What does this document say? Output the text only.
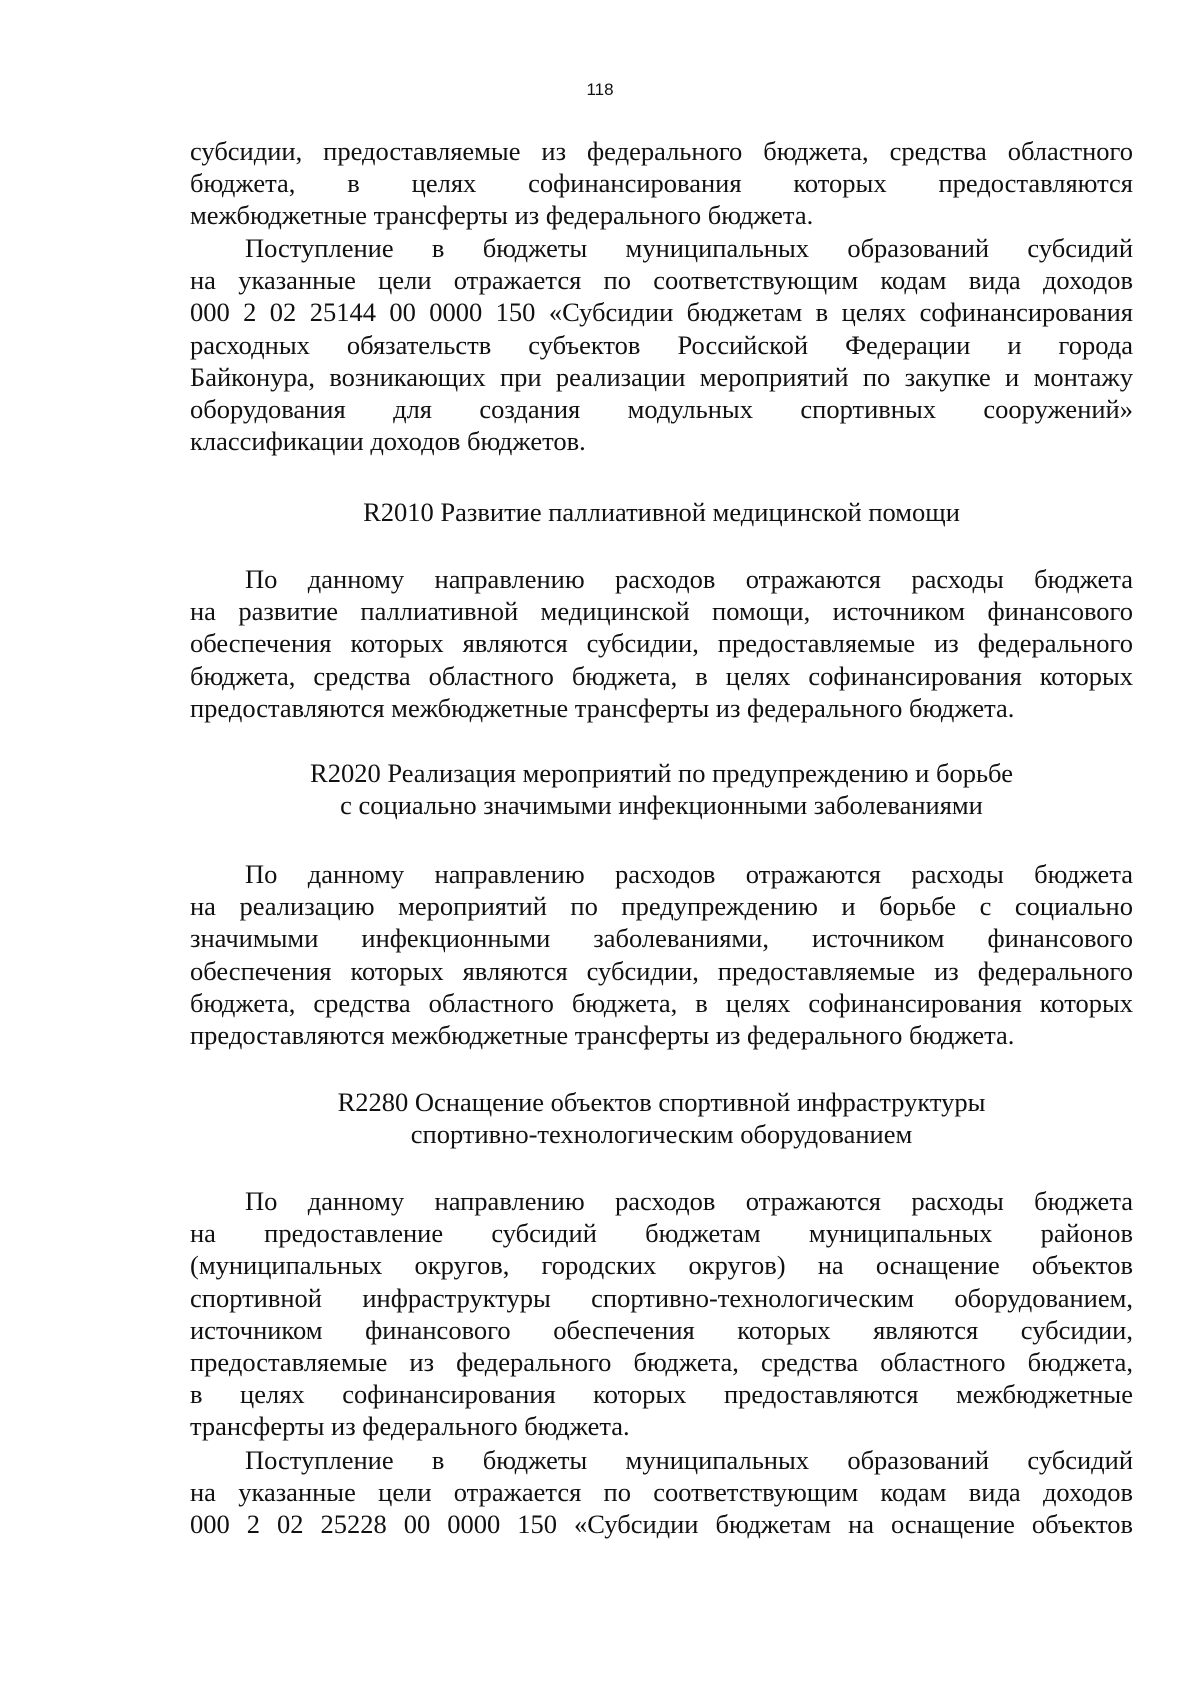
118
субсидии, предоставляемые из федерального бюджета, средства областного
бюджета, в целях софинансирования которых предоставляются
межбюджетные трансферты из федерального бюджета.
Поступление в бюджеты муниципальных образований субсидий
на указанные цели отражается по соответствующим кодам вида доходов
000 2 02 25144 00 0000 150 «Субсидии бюджетам в целях софинансирования
расходных обязательств субъектов Российской Федерации и города
Байконура, возникающих при реализации мероприятий по закупке и монтажу
оборудования для создания модульных спортивных сооружений»
классификации доходов бюджетов.
R2010 Развитие паллиативной медицинской помощи
По данному направлению расходов отражаются расходы бюджета
на развитие паллиативной медицинской помощи, источником финансового
обеспечения которых являются субсидии, предоставляемые из федерального
бюджета, средства областного бюджета, в целях софинансирования которых
предоставляются межбюджетные трансферты из федерального бюджета.
R2020 Реализация мероприятий по предупреждению и борьбе
с социально значимыми инфекционными заболеваниями
По данному направлению расходов отражаются расходы бюджета
на реализацию мероприятий по предупреждению и борьбе с социально
значимыми инфекционными заболеваниями, источником финансового
обеспечения которых являются субсидии, предоставляемые из федерального
бюджета, средства областного бюджета, в целях софинансирования которых
предоставляются межбюджетные трансферты из федерального бюджета.
R2280 Оснащение объектов спортивной инфраструктуры
спортивно-технологическим оборудованием
По данному направлению расходов отражаются расходы бюджета
на предоставление субсидий бюджетам муниципальных районов
(муниципальных округов, городских округов) на оснащение объектов
спортивной инфраструктуры спортивно-технологическим оборудованием,
источником финансового обеспечения которых являются субсидии,
предоставляемые из федерального бюджета, средства областного бюджета,
в целях софинансирования которых предоставляются межбюджетные
трансферты из федерального бюджета.
Поступление в бюджеты муниципальных образований субсидий
на указанные цели отражается по соответствующим кодам вида доходов
000 2 02 25228 00 0000 150 «Субсидии бюджетам на оснащение объектов
